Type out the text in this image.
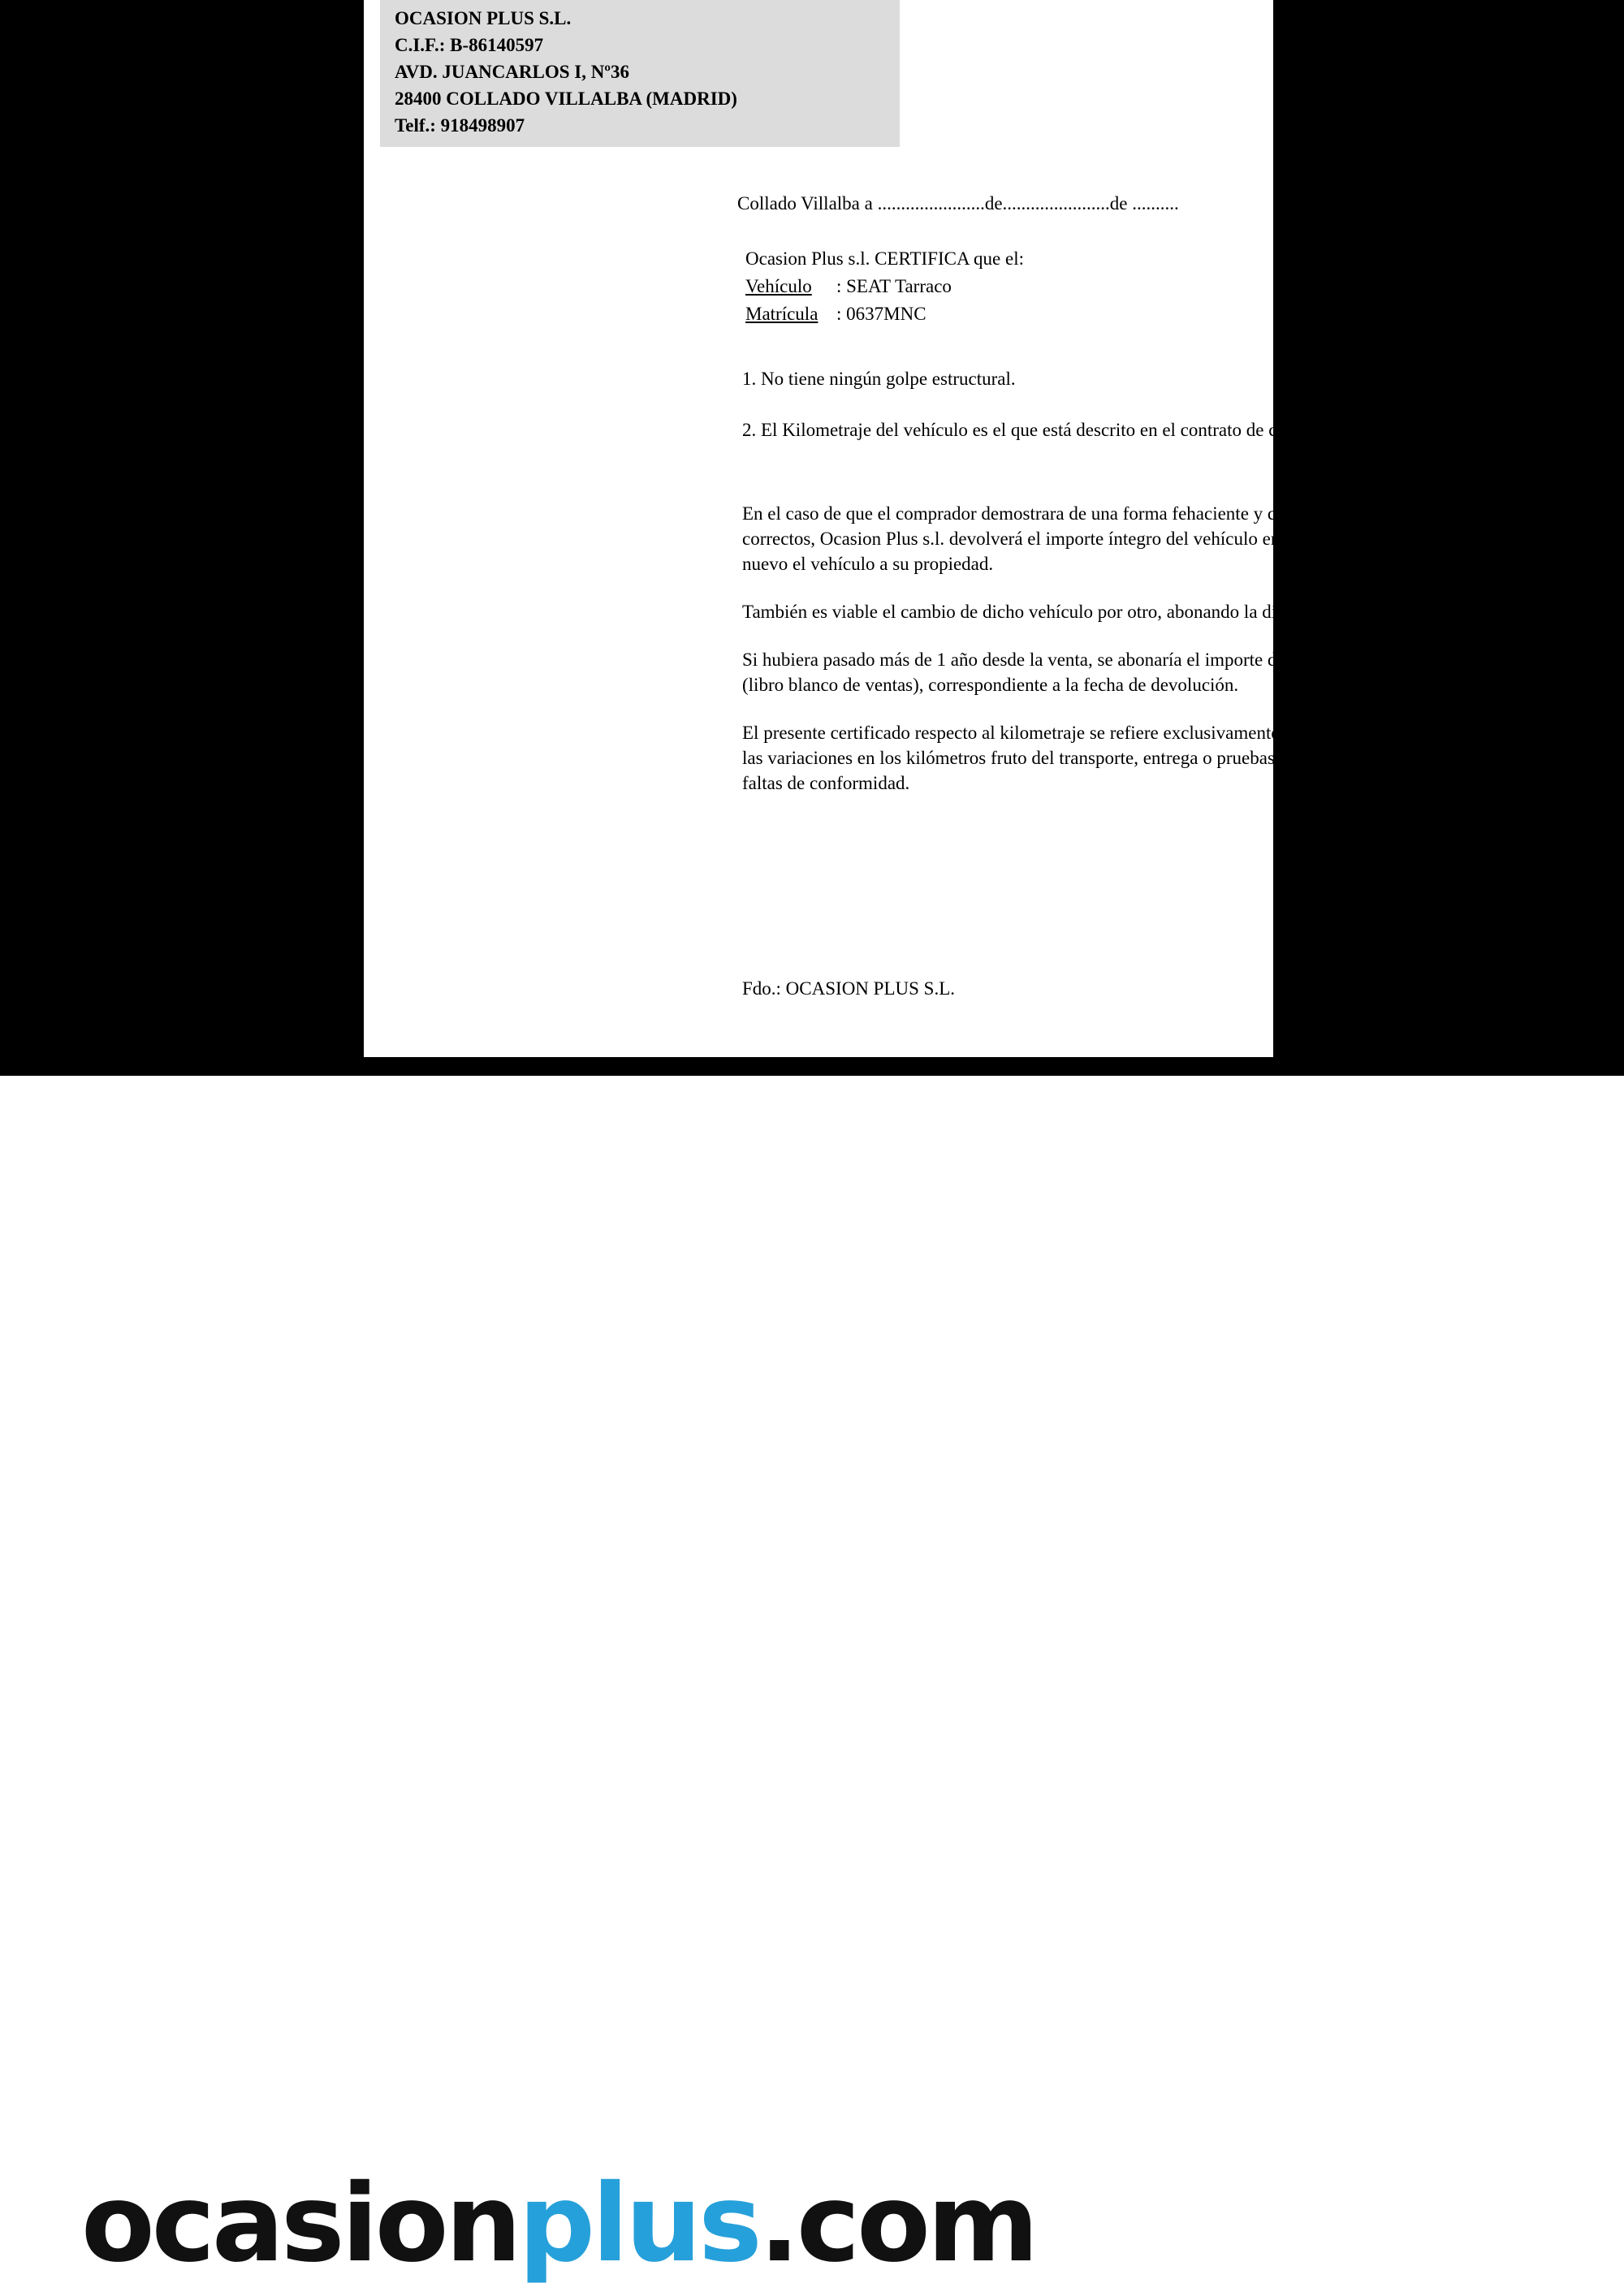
OCASION PLUS S.L.
C.I.F.: B-86140597
AVD. JUANCARLOS I, Nº36
28400 COLLADO VILLALBA (MADRID)
Telf.: 918498907
Collado Villalba a .......................de.......................de ..........
Ocasion Plus s.l. CERTIFICA que el:
Vehículo : SEAT Tarraco
Matrícula : 0637MNC

1. No tiene ningún golpe estructural.

2. El Kilometraje del vehículo es el que está descrito en el contrato de compra-venta y garantía.

En el caso de que el comprador demostrara de una forma fehaciente y clara que alguno de estos dos puntos no son correctos, Ocasion Plus s.l. devolverá el importe íntegro del vehículo en un plazo máximo de 48 horas, pasando de nuevo el vehículo a su propiedad.

También es viable el cambio de dicho vehículo por otro, abonando la diferencia existente.

Si hubiera pasado más de 1 año desde la venta, se abonaría el importe de venta en el libro de tasaciones GANVAM (libro blanco de ventas), correspondiente a la fecha de devolución.

El presente certificado respecto al kilometraje se refiere exclusivamente a posibles manipulaciones en el odómetro, las variaciones en los kilómetros fruto del transporte, entrega o pruebas mecánicas del vehículo no se considerarán faltas de conformidad.

Fdo.: OCASION PLUS S.L.
ocasionplus.com
